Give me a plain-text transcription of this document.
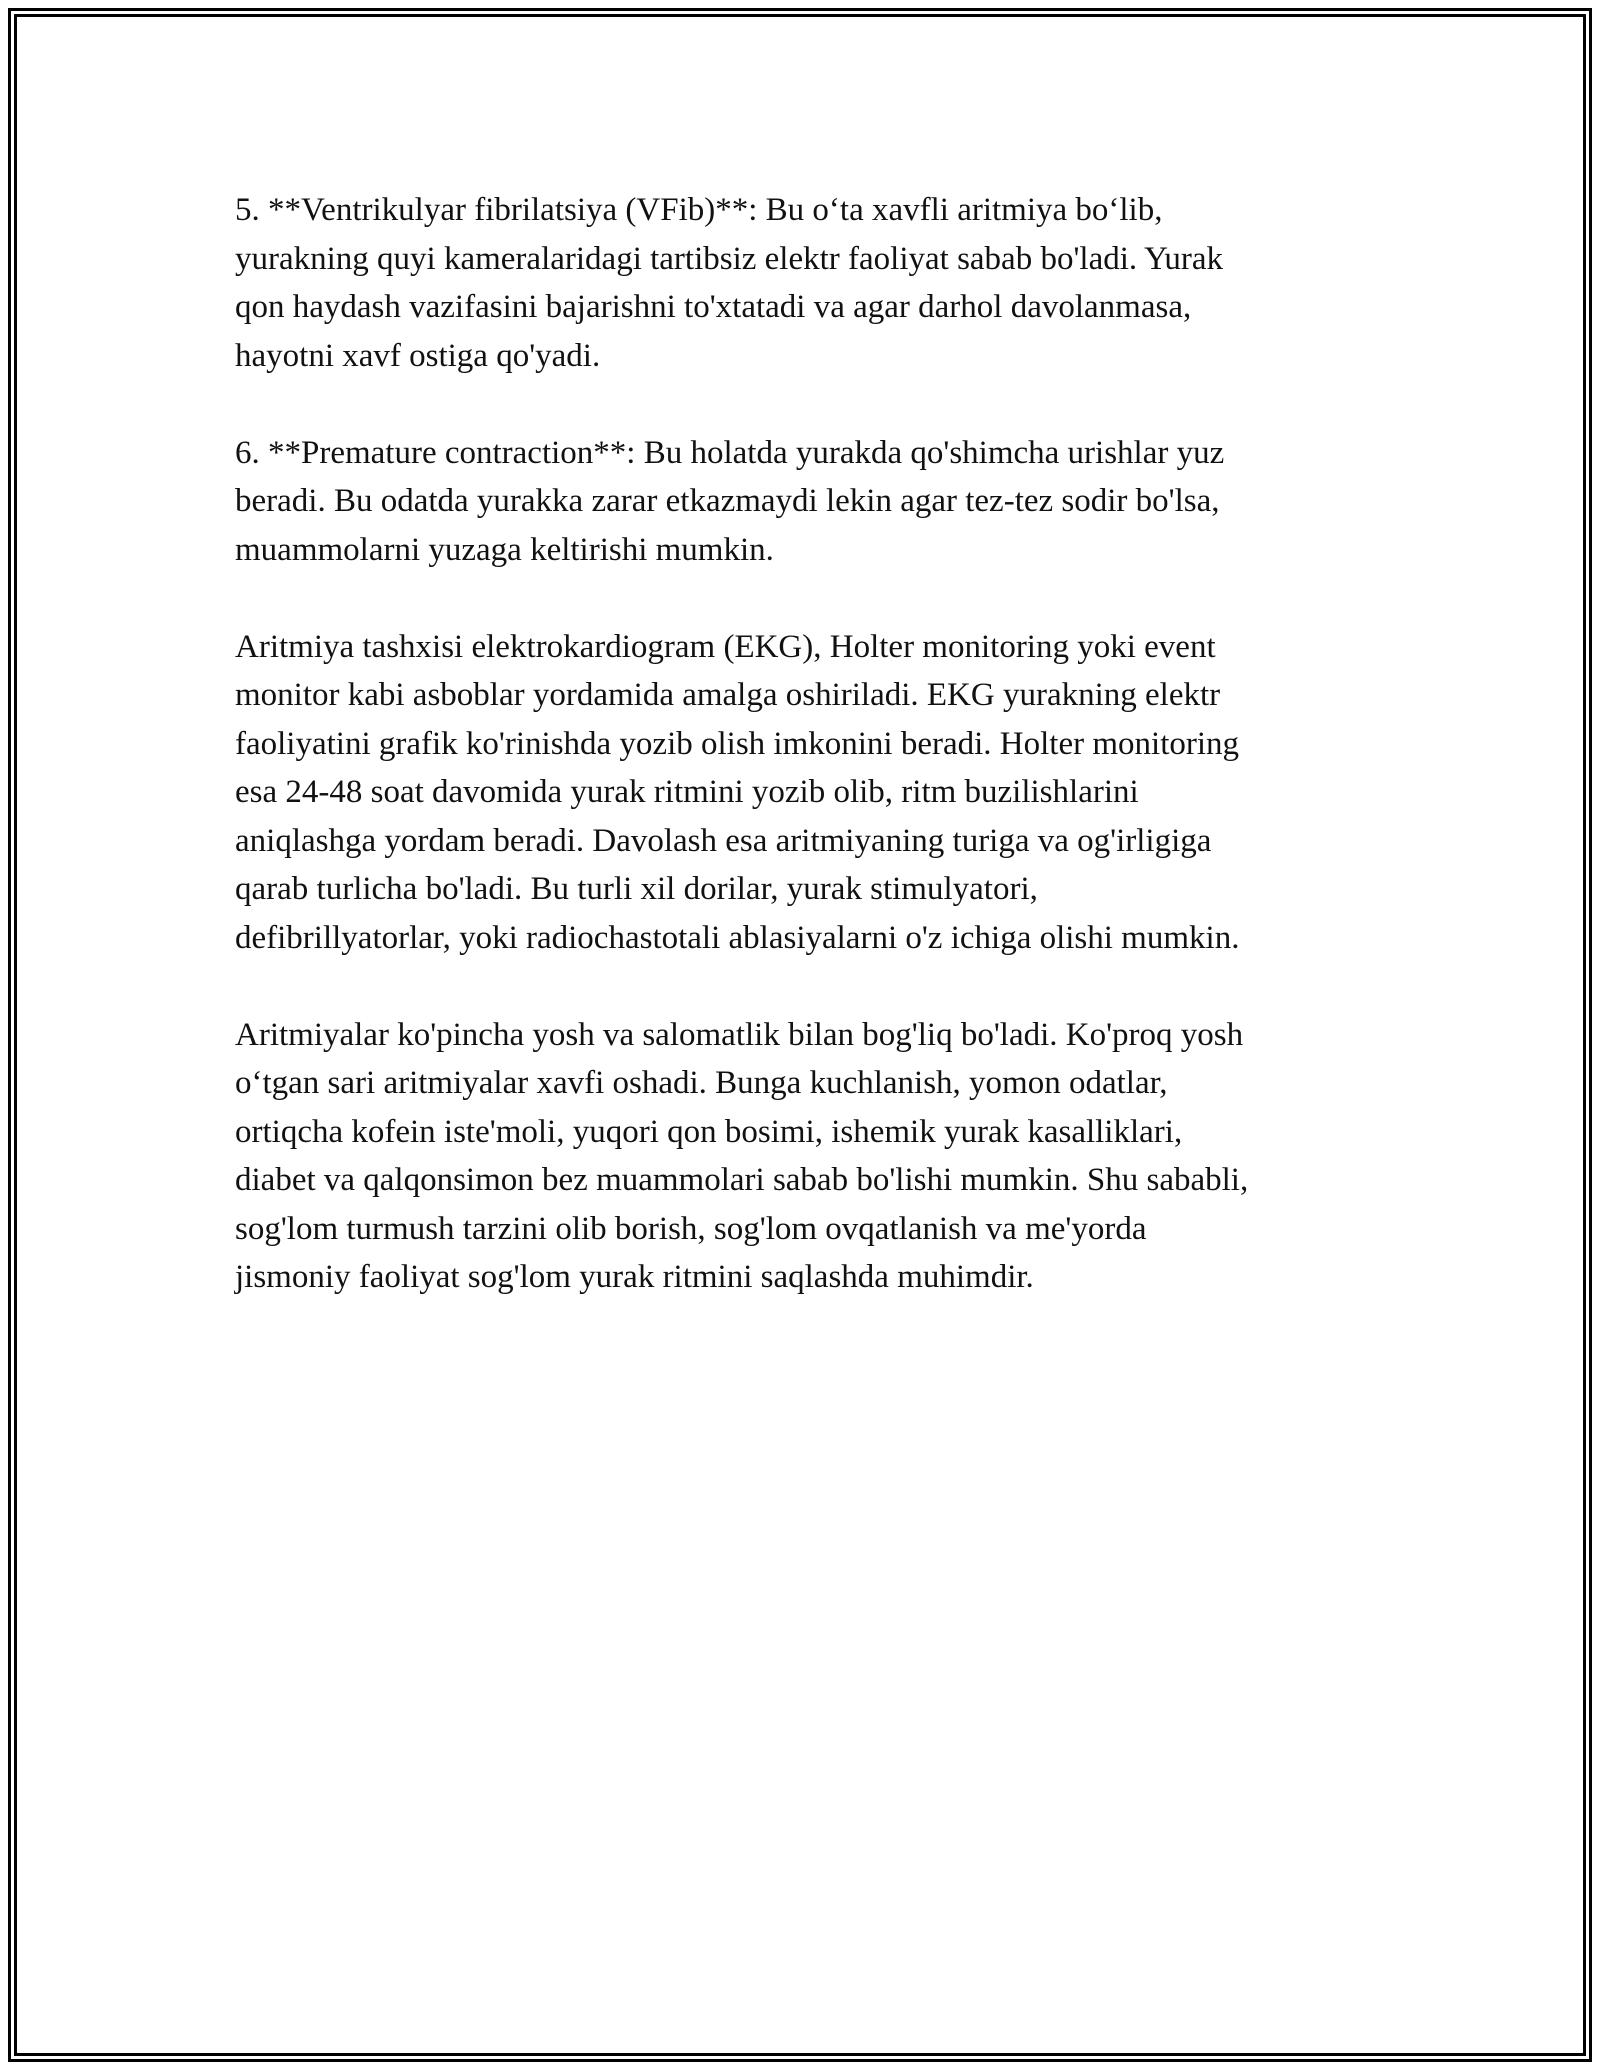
5. **Ventrikulyar fibrilatsiya (VFib)**: Bu o‘ta xavfli aritmiya bo‘lib,
yurakning quyi kameralaridagi tartibsiz elektr faoliyat sabab bo'ladi. Yurak
qon haydash vazifasini bajarishni to'xtatadi va agar darhol davolanmasa,
hayotni xavf ostiga qo'yadi.

6. **Premature contraction**: Bu holatda yurakda qo'shimcha urishlar yuz
beradi. Bu odatda yurakka zarar etkazmaydi lekin agar tez-tez sodir bo'lsa,
muammolarni yuzaga keltirishi mumkin.

Aritmiya tashxisi elektrokardiogram (EKG), Holter monitoring yoki event
monitor kabi asboblar yordamida amalga oshiriladi. EKG yurakning elektr
faoliyatini grafik ko'rinishda yozib olish imkonini beradi. Holter monitoring
esa 24-48 soat davomida yurak ritmini yozib olib, ritm buzilishlarini
aniqlashga yordam beradi. Davolash esa aritmiyaning turiga va og'irligiga
qarab turlicha bo'ladi. Bu turli xil dorilar, yurak stimulyatori,
defibrillyatorlar, yoki radiochastotali ablasiyalarni o'z ichiga olishi mumkin.

Aritmiyalar ko'pincha yosh va salomatlik bilan bog'liq bo'ladi. Ko'proq yosh
o‘tgan sari aritmiyalar xavfi oshadi. Bunga kuchlanish, yomon odatlar,
ortiqcha kofein iste'moli, yuqori qon bosimi, ishemik yurak kasalliklari,
diabet va qalqonsimon bez muammolari sabab bo'lishi mumkin. Shu sababli,
sog'lom turmush tarzini olib borish, sog'lom ovqatlanish va me'yorda
jismoniy faoliyat sog'lom yurak ritmini saqlashda muhimdir.
